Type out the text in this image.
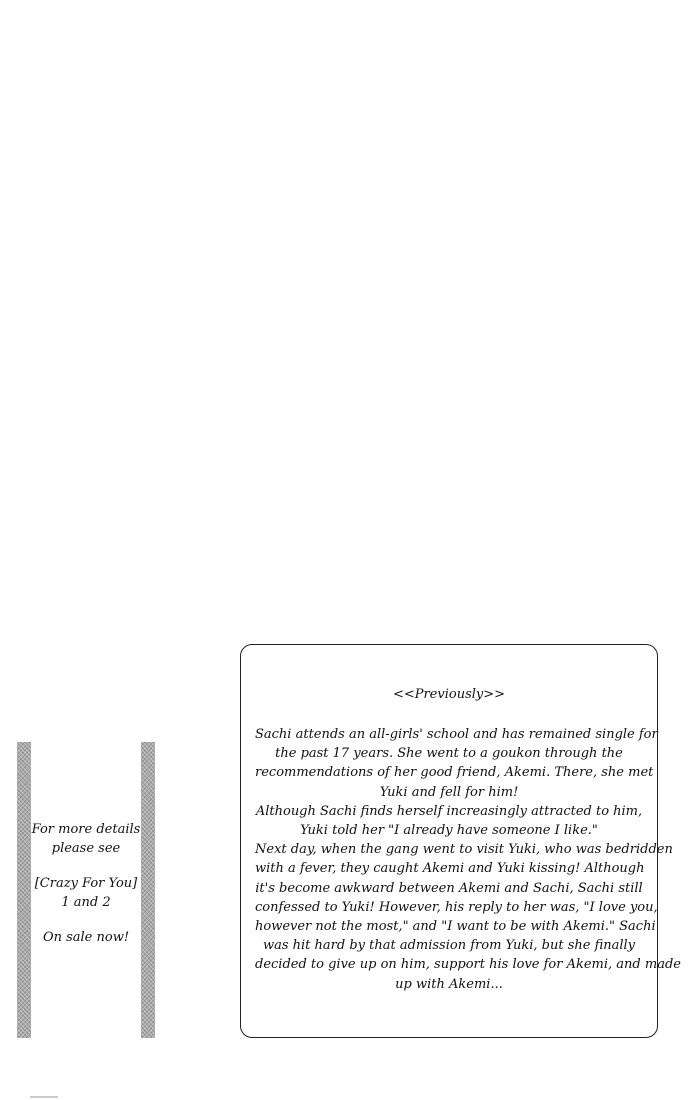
For more details
please see
[Crazy For You]
1 and 2
On sale now!
<<Previously>>
Sachi attends an all-girls' school and has remained single for
the past 17 years. She went to a goukon through the
recommendations of her good friend, Akemi. There, she met
Yuki and fell for him!
Although Sachi finds herself increasingly attracted to him,
Yuki told her "I already have someone I like."
Next day, when the gang went to visit Yuki, who was bedridden
with a fever, they caught Akemi and Yuki kissing! Although
it's become awkward between Akemi and Sachi, Sachi still
confessed to Yuki! However, his reply to her was, "I love you,
however not the most," and "I want to be with Akemi." Sachi
was hit hard by that admission from Yuki, but she finally
decided to give up on him, support his love for Akemi, and made
up with Akemi...
